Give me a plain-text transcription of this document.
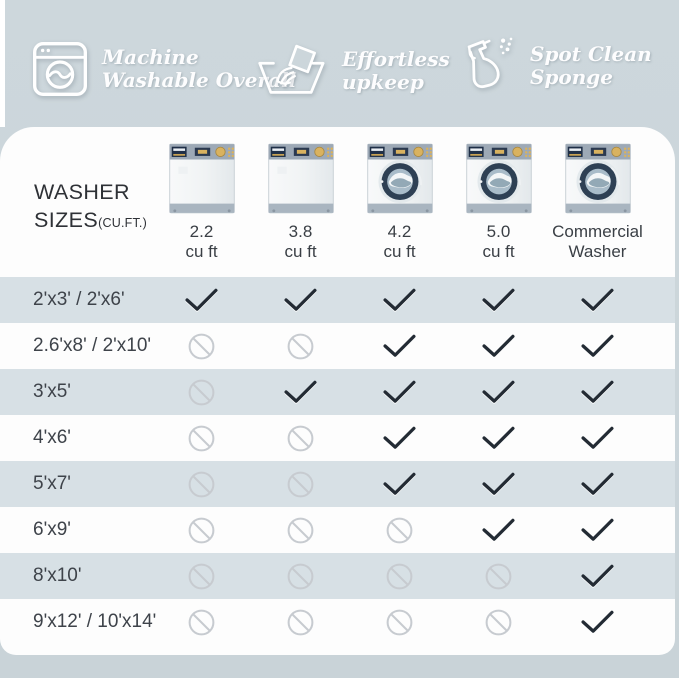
Machine
Washable Overall
Effortless
upkeep
Spot Clean
Sponge
WASHER
SIZES(CU.FT.)	2.2
cu ft
3.8
cu ft
4.2
cu ft
5.0
cu ft
Commercial
Washer
2'x3' / 2'x6'
2.6'x8' / 2'x10'
3'x5'
4'x6'
5'x7'
6'x9'
8'x10'
9'x12' / 10'x14'
